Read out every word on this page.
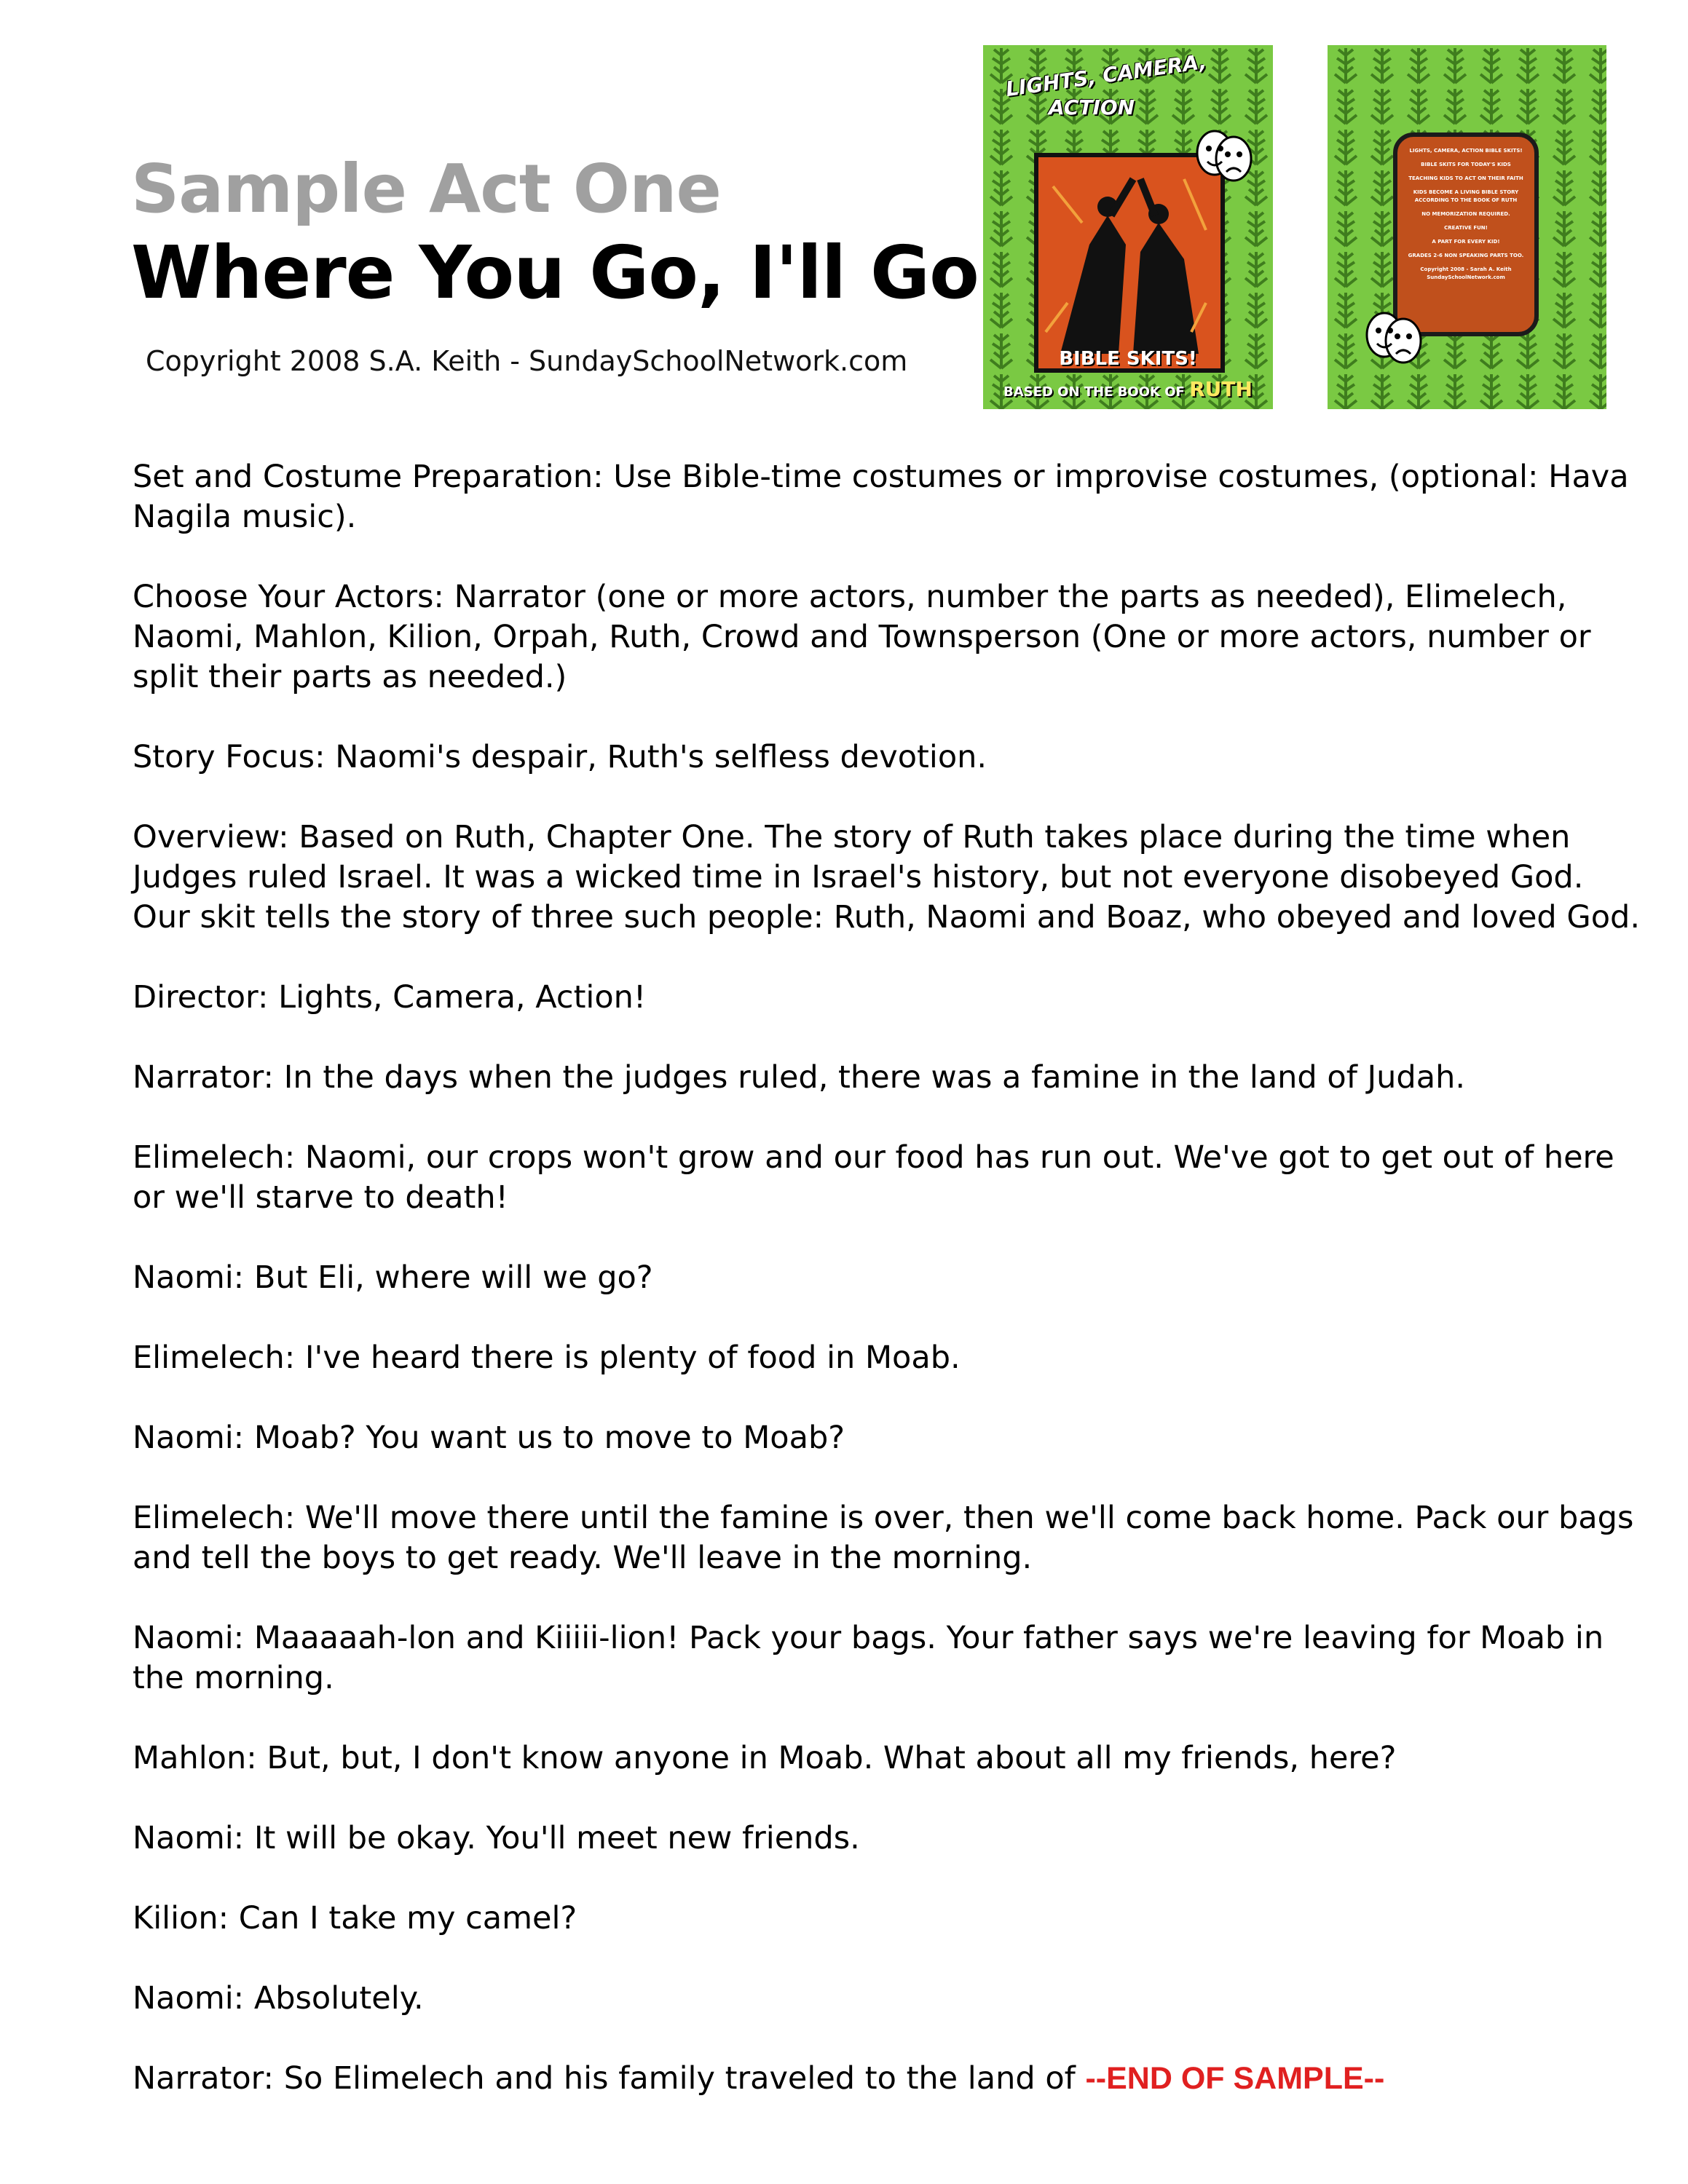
Sample Act One
Where You Go, I'll Go
Copyright 2008 S.A. Keith - SundaySchoolNetwork.com
LIGHTS, CAMERA,
ACTION
BIBLE SKITS!
BASED ON THE BOOK OF RUTH
LIGHTS, CAMERA, ACTION BIBLE SKITS!
BIBLE SKITS FOR TODAY'S KIDS
TEACHING KIDS TO ACT ON THEIR FAITH
KIDS BECOME A LIVING BIBLE STORY ACCORDING TO THE BOOK OF RUTH
NO MEMORIZATION REQUIRED.
CREATIVE FUN!
A PART FOR EVERY KID!
GRADES 2-6 NON SPEAKING PARTS TOO.
Copyright 2008 - Sarah A. Keith SundaySchoolNetwork.com

Set and Costume Preparation: Use Bible-time costumes or improvise costumes, (optional: Hava Nagila music).

Choose Your Actors: Narrator (one or more actors, number the parts as needed), Elimelech, Naomi, Mahlon, Kilion, Orpah, Ruth, Crowd and Townsperson (One or more actors, number or split their parts as needed.)

Story Focus: Naomi's despair, Ruth's selfless devotion.

Overview: Based on Ruth, Chapter One. The story of Ruth takes place during the time when Judges ruled Israel. It was a wicked time in Israel's history, but not everyone disobeyed God. Our skit tells the story of three such people: Ruth, Naomi and Boaz, who obeyed and loved God.

Director: Lights, Camera, Action!

Narrator: In the days when the judges ruled, there was a famine in the land of Judah.

Elimelech: Naomi, our crops won't grow and our food has run out. We've got to get out of here or we'll starve to death!

Naomi: But Eli, where will we go?

Elimelech: I've heard there is plenty of food in Moab.

Naomi: Moab? You want us to move to Moab?

Elimelech: We'll move there until the famine is over, then we'll come back home. Pack our bags and tell the boys to get ready. We'll leave in the morning.

Naomi: Maaaaah-lon and Kiiiii-lion! Pack your bags. Your father says we're leaving for Moab in the morning.

Mahlon: But, but, I don't know anyone in Moab. What about all my friends, here?

Naomi: It will be okay. You'll meet new friends.

Kilion: Can I take my camel?

Naomi: Absolutely.

Narrator: So Elimelech and his family traveled to the land of --END OF SAMPLE--
